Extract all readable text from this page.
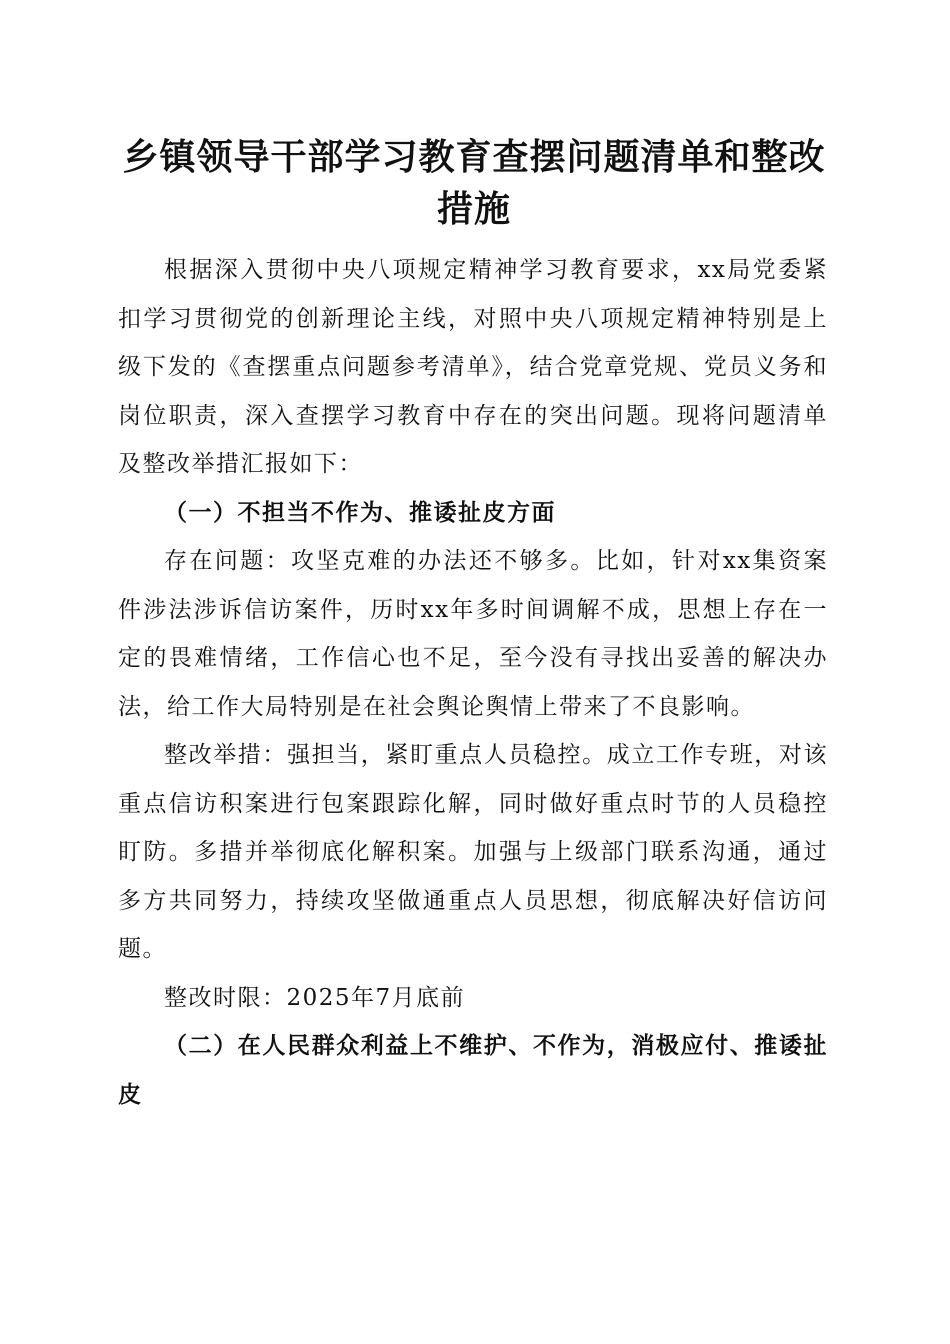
乡镇领导干部学习教育查摆问题清单和整改措施

根据深入贯彻中央八项规定精神学习教育要求，xx局党委紧扣学习贯彻党的创新理论主线，对照中央八项规定精神特别是上级下发的《查摆重点问题参考清单》，结合党章党规、党员义务和岗位职责，深入查摆学习教育中存在的突出问题。现将问题清单及整改举措汇报如下：

（一）不担当不作为、推诿扯皮方面

存在问题：攻坚克难的办法还不够多。比如，针对xx集资案件涉法涉诉信访案件，历时xx年多时间调解不成，思想上存在一定的畏难情绪，工作信心也不足，至今没有寻找出妥善的解决办法，给工作大局特别是在社会舆论舆情上带来了不良影响。

整改举措：强担当，紧盯重点人员稳控。成立工作专班，对该重点信访积案进行包案跟踪化解，同时做好重点时节的人员稳控盯防。多措并举彻底化解积案。加强与上级部门联系沟通，通过多方共同努力，持续攻坚做通重点人员思想，彻底解决好信访问题。

整改时限：2025年7月底前

（二）在人民群众利益上不维护、不作为，消极应付、推诿扯皮
